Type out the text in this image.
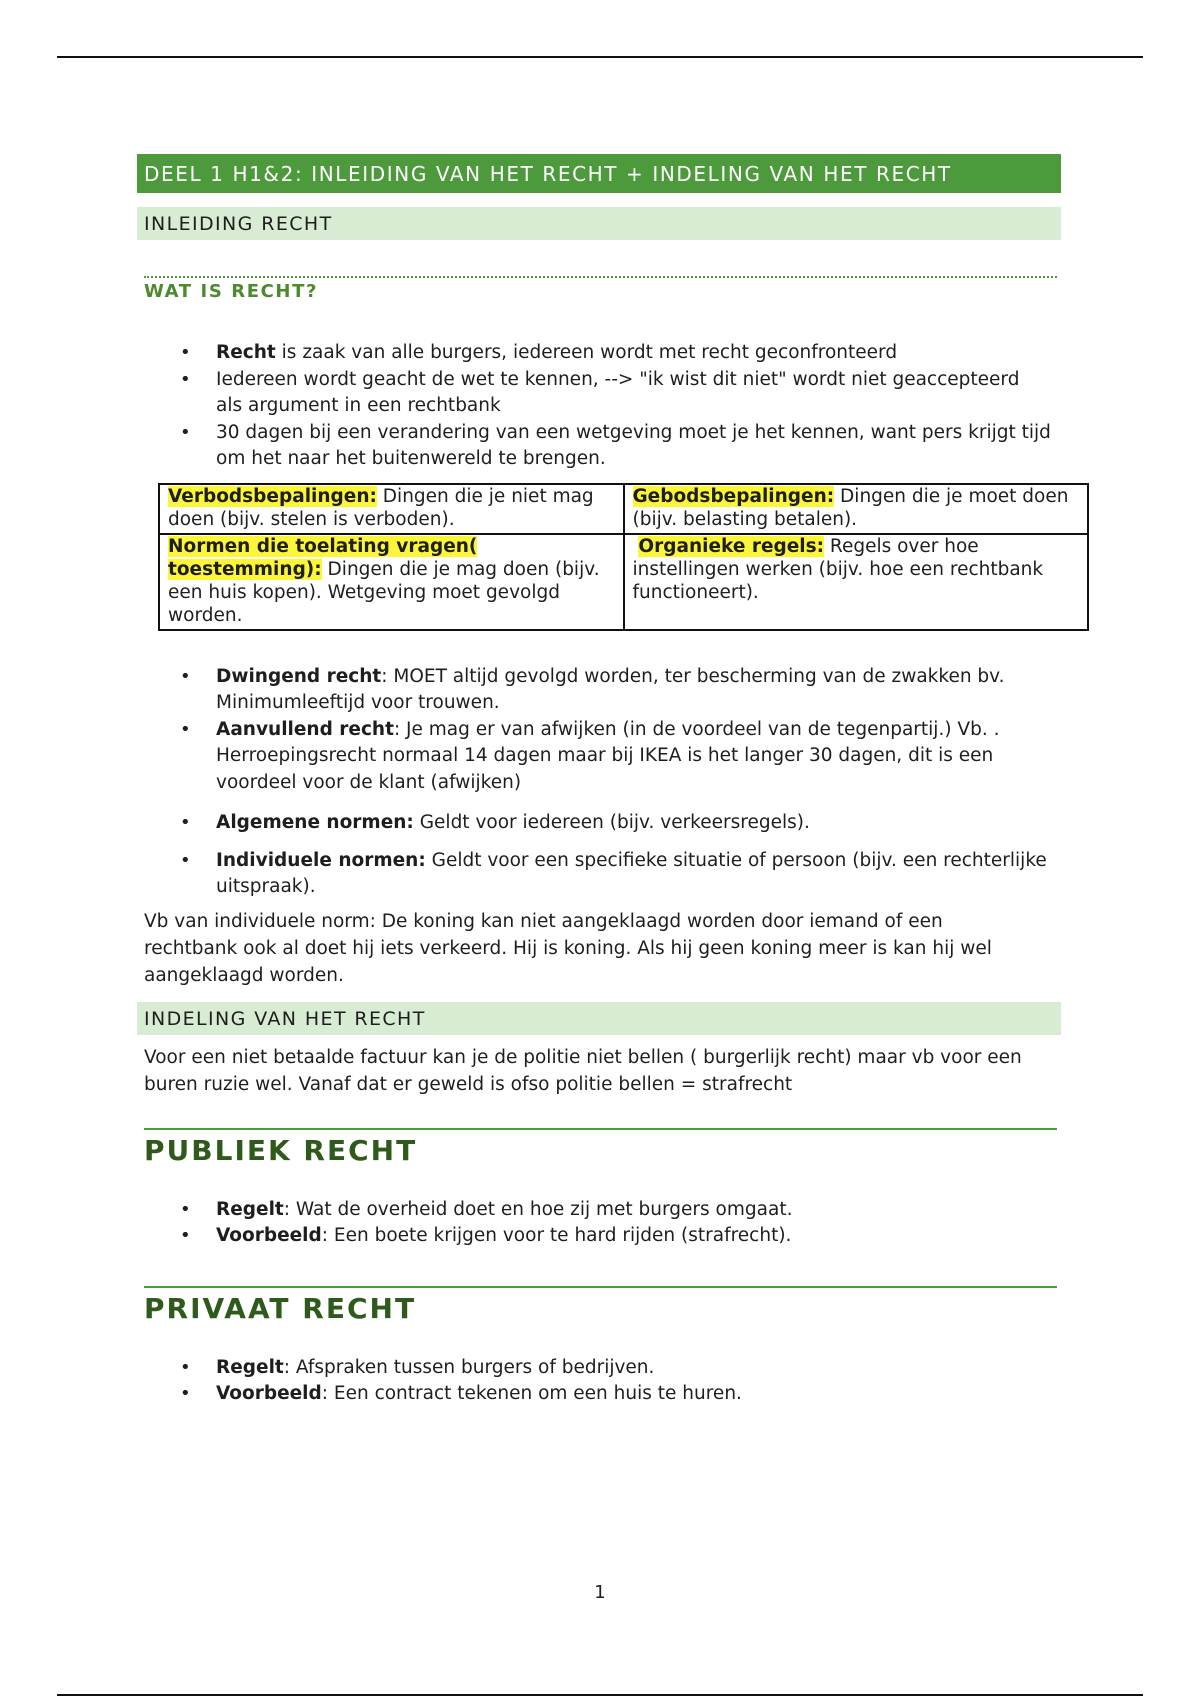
DEEL 1 H1&2: INLEIDING VAN HET RECHT + INDELING VAN HET RECHT
INLEIDING RECHT
WAT IS RECHT?
• Recht is zaak van alle burgers, iedereen wordt met recht geconfronteerd
• Iedereen wordt geacht de wet te kennen, --> "ik wist dit niet" wordt niet geaccepteerd als argument in een rechtbank
• 30 dagen bij een verandering van een wetgeving moet je het kennen, want pers krijgt tijd om het naar het buitenwereld te brengen.
Verbodsbepalingen: Dingen die je niet mag doen (bijv. stelen is verboden).	Gebodsbepalingen: Dingen die je moet doen (bijv. belasting betalen).
Normen die toelating vragen( toestemming): Dingen die je mag doen (bijv. een huis kopen). Wetgeving moet gevolgd worden.	Organieke regels: Regels over hoe instellingen werken (bijv. hoe een rechtbank functioneert).
• Dwingend recht: MOET altijd gevolgd worden, ter bescherming van de zwakken bv. Minimumleeftijd voor trouwen.
• Aanvullend recht: Je mag er van afwijken (in de voordeel van de tegenpartij.) Vb. . Herroepingsrecht normaal 14 dagen maar bij IKEA is het langer 30 dagen, dit is een voordeel voor de klant (afwijken)
• Algemene normen: Geldt voor iedereen (bijv. verkeersregels).
• Individuele normen: Geldt voor een specifieke situatie of persoon (bijv. een rechterlijke uitspraak).

Vb van individuele norm: De koning kan niet aangeklaagd worden door iemand of een rechtbank ook al doet hij iets verkeerd. Hij is koning. Als hij geen koning meer is kan hij wel aangeklaagd worden.

INDELING VAN HET RECHT

Voor een niet betaalde factuur kan je de politie niet bellen ( burgerlijk recht) maar vb voor een buren ruzie wel. Vanaf dat er geweld is ofso politie bellen = strafrecht

PUBLIEK RECHT
• Regelt: Wat de overheid doet en hoe zij met burgers omgaat.
• Voorbeeld: Een boete krijgen voor te hard rijden (strafrecht).
PRIVAAT RECHT
• Regelt: Afspraken tussen burgers of bedrijven.
• Voorbeeld: Een contract tekenen om een huis te huren.
1
